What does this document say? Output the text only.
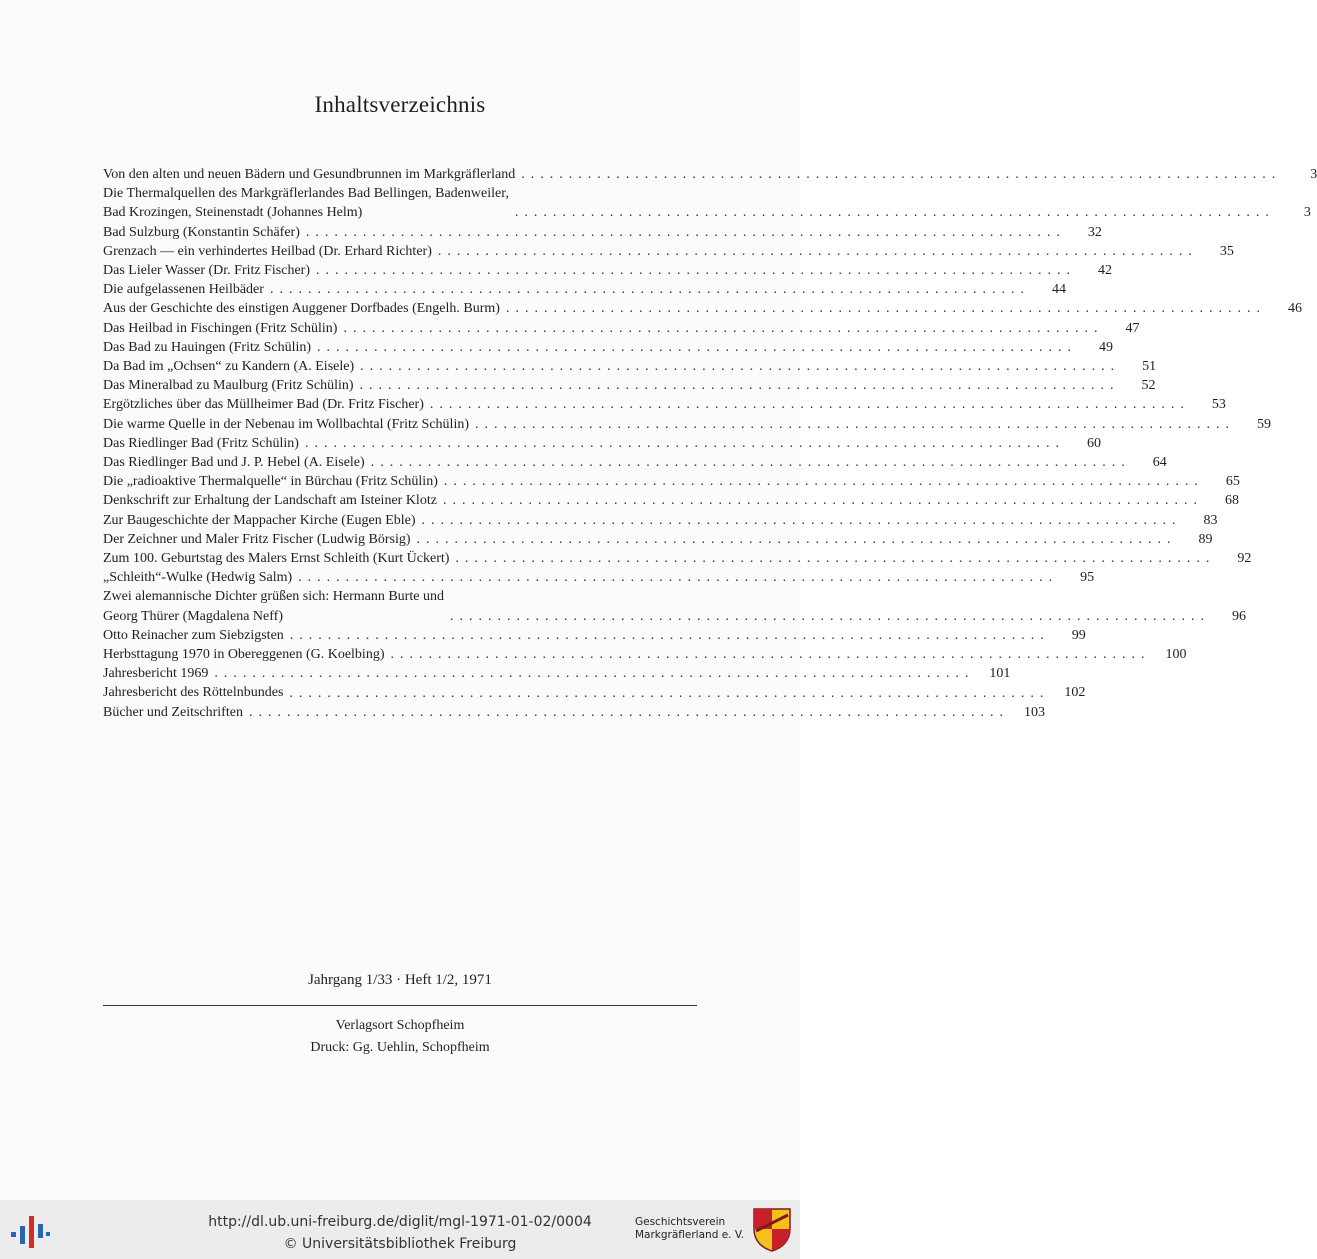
Inhaltsverzeichnis
Von den alten und neuen Bädern und Gesundbrunnen im Markgräflerland ................................................................................	3
Die Thermalquellen des Markgräflerlandes Bad Bellingen, Badenweiler,
Bad Krozingen, Steinenstadt (Johannes Helm)	................................................................................	3
Bad Sulzburg (Konstantin Schäfer) ................................................................................	32
Grenzach — ein verhindertes Heilbad (Dr. Erhard Richter) ................................................................................	35
Das Lieler Wasser (Dr. Fritz Fischer) ................................................................................	42
Die aufgelassenen Heilbäder ................................................................................	44
Aus der Geschichte des einstigen Auggener Dorfbades (Engelh. Burm) ................................................................................	46
Das Heilbad in Fischingen (Fritz Schülin) ................................................................................	47
Das Bad zu Hauingen (Fritz Schülin) ................................................................................	49
Da Bad im „Ochsen“ zu Kandern (A. Eisele) ................................................................................	51
Das Mineralbad zu Maulburg (Fritz Schülin) ................................................................................	52
Ergötzliches über das Müllheimer Bad (Dr. Fritz Fischer) ................................................................................	53
Die warme Quelle in der Nebenau im Wollbachtal (Fritz Schülin) ................................................................................	59
Das Riedlinger Bad (Fritz Schülin) ................................................................................	60
Das Riedlinger Bad und J. P. Hebel (A. Eisele) ................................................................................	64
Die „radioaktive Thermalquelle“ in Bürchau (Fritz Schülin) ................................................................................	65
Denkschrift zur Erhaltung der Landschaft am Isteiner Klotz ................................................................................	68
Zur Baugeschichte der Mappacher Kirche (Eugen Eble) ................................................................................	83
Der Zeichner und Maler Fritz Fischer (Ludwig Börsig) ................................................................................	89
Zum 100. Geburtstag des Malers Ernst Schleith (Kurt Ückert) ................................................................................	92
„Schleith“-Wulke (Hedwig Salm) ................................................................................	95
Zwei alemannische Dichter grüßen sich: Hermann Burte und
Georg Thürer (Magdalena Neff)	................................................................................	96
Otto Reinacher zum Siebzigsten ................................................................................	99
Herbsttagung 1970 in Obereggenen (G. Koelbing) ................................................................................	100
Jahresbericht 1969 ................................................................................	101
Jahresbericht des Röttelnbundes ................................................................................	102
Bücher und Zeitschriften ................................................................................	103
Jahrgang 1/33 · Heft 1/2, 1971
Verlagsort Schopfheim
Druck: Gg. Uehlin, Schopfheim
http://dl.ub.uni-freiburg.de/diglit/mgl-1971-01-02/0004
© Universitätsbibliothek Freiburg
Geschichtsverein
Markgräflerland e. V.
